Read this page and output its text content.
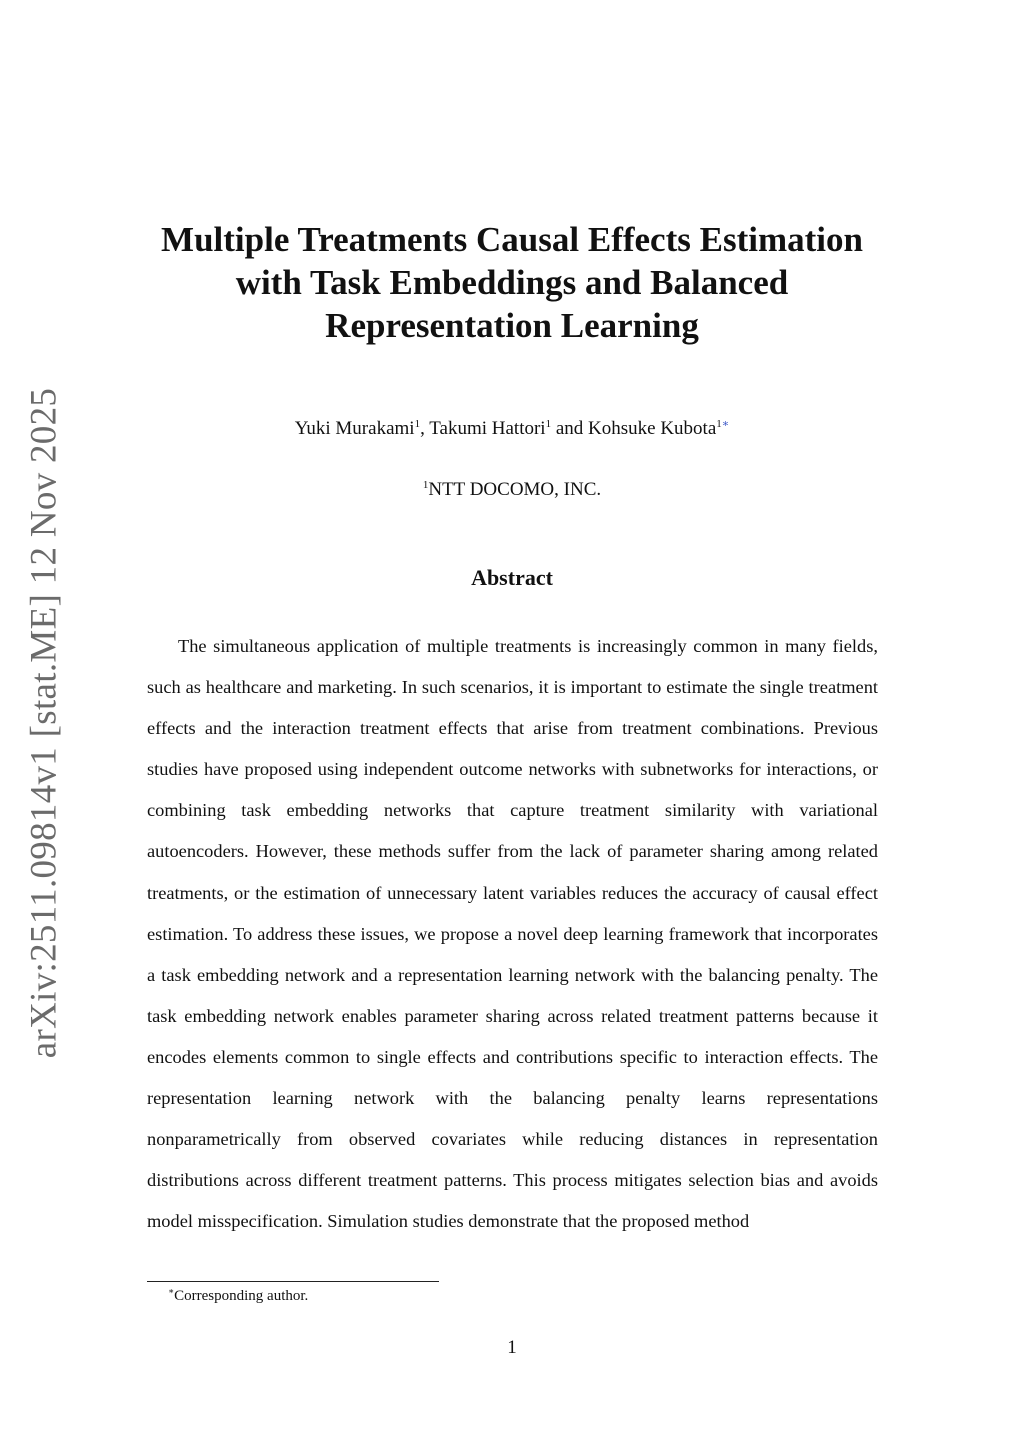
arXiv:2511.09814v1 [stat.ME] 12 Nov 2025
Multiple Treatments Causal Effects Estimation
with Task Embeddings and Balanced
Representation Learning
Yuki Murakami$^1$, Takumi Hattori$^1$ and Kohsuke Kubota$^{1∗}$
$^1$NTT DOCOMO, INC.
Abstract

The simultaneous application of multiple treatments is increasingly common in many fields, such as healthcare and marketing. In such scenarios, it is important to estimate the single treatment effects and the interaction treatment effects that arise from treatment combinations. Previous studies have proposed using independent outcome networks with subnetworks for interactions, or combining task embedding networks that capture treatment similarity with variational autoencoders. However, these methods suffer from the lack of parameter sharing among related treatments, or the estimation of unnecessary latent variables reduces the accuracy of causal effect estimation. To address these issues, we propose a novel deep learning framework that incorporates a task embedding network and a representation learning network with the balancing penalty. The task embedding network enables parameter sharing across related treatment patterns because it encodes elements common to single effects and contributions specific to interaction effects. The representation learning network with the balancing penalty learns representations nonparametrically from observed covariates while reducing distances in representation distributions across different treatment patterns. This process mitigates selection bias and avoids model misspecification. Simulation studies demonstrate that the proposed method

∗Corresponding author.
1
